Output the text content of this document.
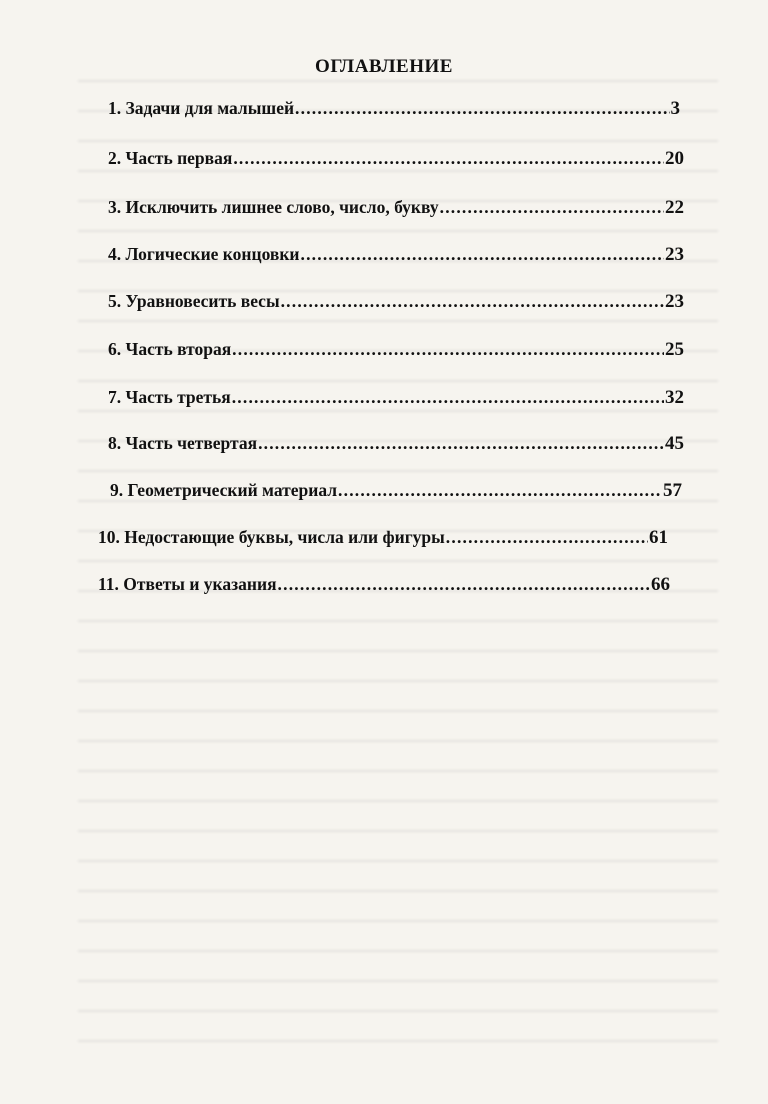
ОГЛАВЛЕНИЕ
1. Задачи для малышей .....	3
2. Часть первая .....	20
3. Исключить лишнее слово, число, букву .....	22
4. Логические концовки .....	23
5. Уравновесить весы .....	23
6. Часть вторая .....	25
7. Часть третья .....	32
8. Часть четвертая .....	45
9. Геометрический материал .....	57
10. Недостающие буквы, числа или фигуры .....	61
11. Ответы и указания .....	66
